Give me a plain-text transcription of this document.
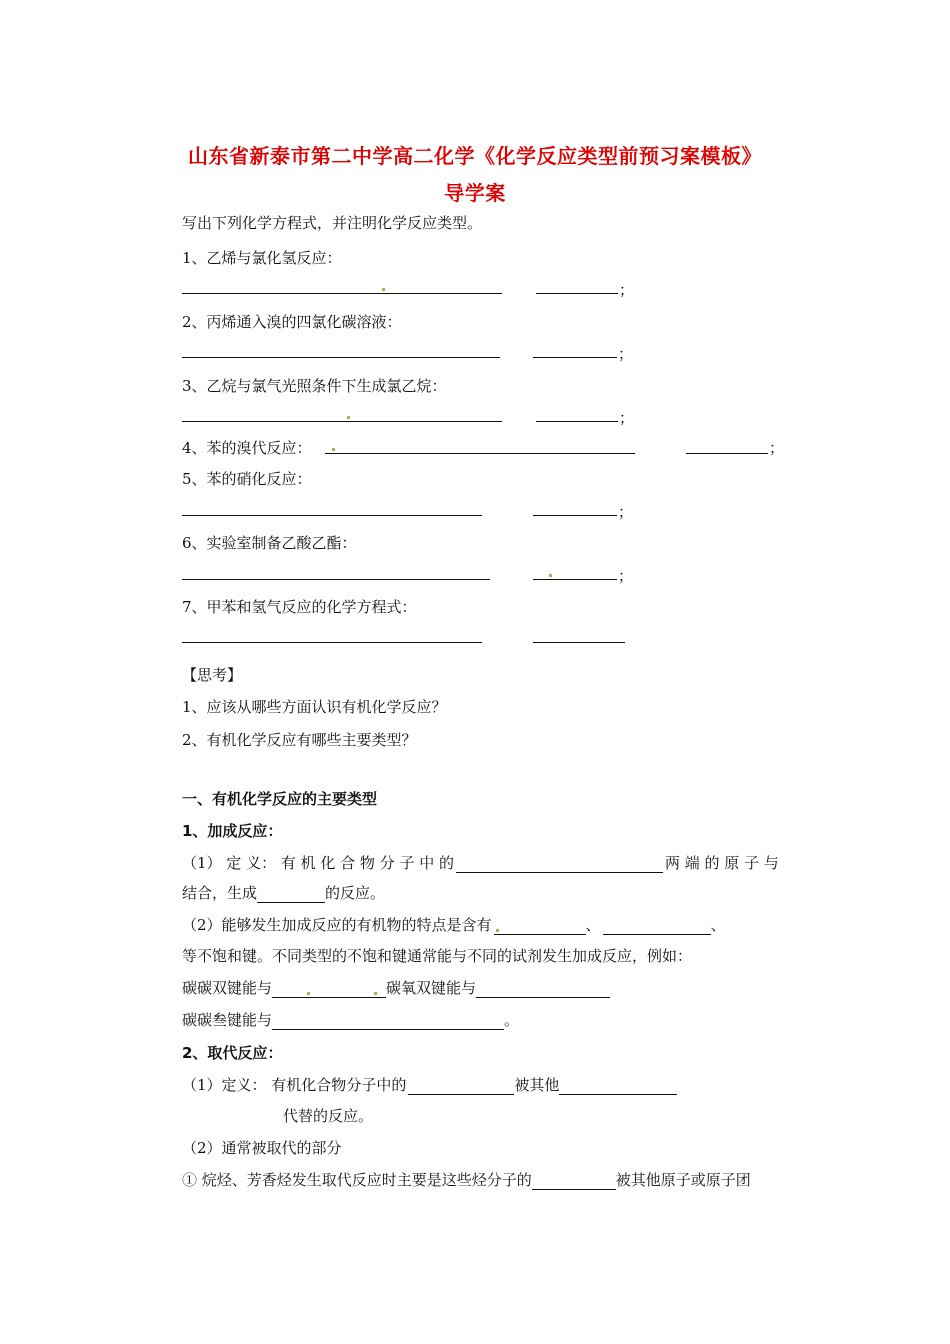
山东省新泰市第二中学高二化学《化学反应类型前预习案模板》
导学案
写出下列化学方程式，并注明化学反应类型。
1、乙烯与氯化氢反应：
；
2、丙烯通入溴的四氯化碳溶液：
；
3、乙烷与氯气光照条件下生成氯乙烷：
；
4、苯的溴代反应：	；
5、苯的硝化反应：
；
6、实验室制备乙酸乙酯：
；
7、甲苯和氢气反应的化学方程式：
【思考】
1、应该从哪些方面认识有机化学反应？
2、有机化学反应有哪些主要类型？
一、有机化学反应的主要类型
1、加成反应：
（1） 定 义： 有 机 化 合 物 分 子 中 的	两 端 的 原 子 与
结合，生成	的反应。
（2）能够发生加成反应的有机物的特点是含有	、	、
等不饱和键。不同类型的不饱和键通常能与不同的试剂发生加成反应，例如：
碳碳双键能与	碳氧双键能与
碳碳叁键能与	。
2、取代反应：
（1）定义： 有机化合物分子中的	被其他
代替的反应。
（2）通常被取代的部分
① 烷烃、芳香烃发生取代反应时主要是这些烃分子的	被其他原子或原子团
